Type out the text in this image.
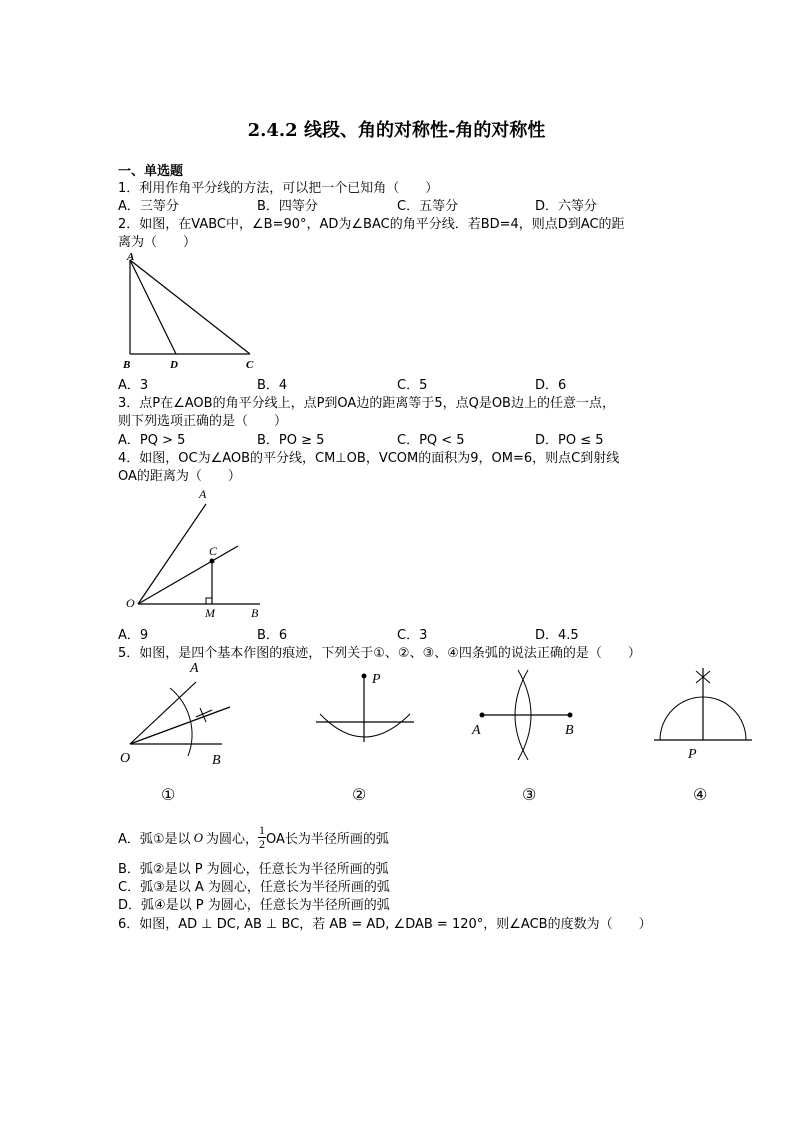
2.4.2 线段、角的对称性-角的对称性
一、单选题
1．利用作角平分线的方法，可以把一个已知角（　　）
A．三等分	B．四等分	C．五等分	D．六等分
2．如图，在VABC中，∠B=90°，AD为∠BAC的角平分线．若BD=4，则点D到AC的距
离为（　　）
A
B	D	C
A．3	B．4	C．5	D．6
3．点P在∠AOB的角平分线上，点P到OA边的距离等于5，点Q是OB边上的任意一点，
则下列选项正确的是（　　）
A．PQ > 5	B．PO ≥ 5	C．PQ < 5	D．PO ≤ 5
4．如图，OC为∠AOB的平分线，CM⊥OB，VCOM的面积为9，OM=6，则点C到射线
OA的距离为（　　）
A
C
O
M	B
A．9	B．6	C．3	D．4.5
5．如图，是四个基本作图的痕迹，下列关于①、②、③、④四条弧的说法正确的是（　　）
A
O	B
①
P
②
A	B
③
P
④
A．弧①是以 O 为圆心， $\frac{1}{2}$ OA长为半径所画的弧
B．弧②是以 P 为圆心，任意长为半径所画的弧
C．弧③是以 A 为圆心，任意长为半径所画的弧
D．弧④是以 P 为圆心，任意长为半径所画的弧
6．如图，AD ⊥ DC, AB ⊥ BC，若 AB = AD, ∠DAB = 120°，则∠ACB的度数为（　　）
